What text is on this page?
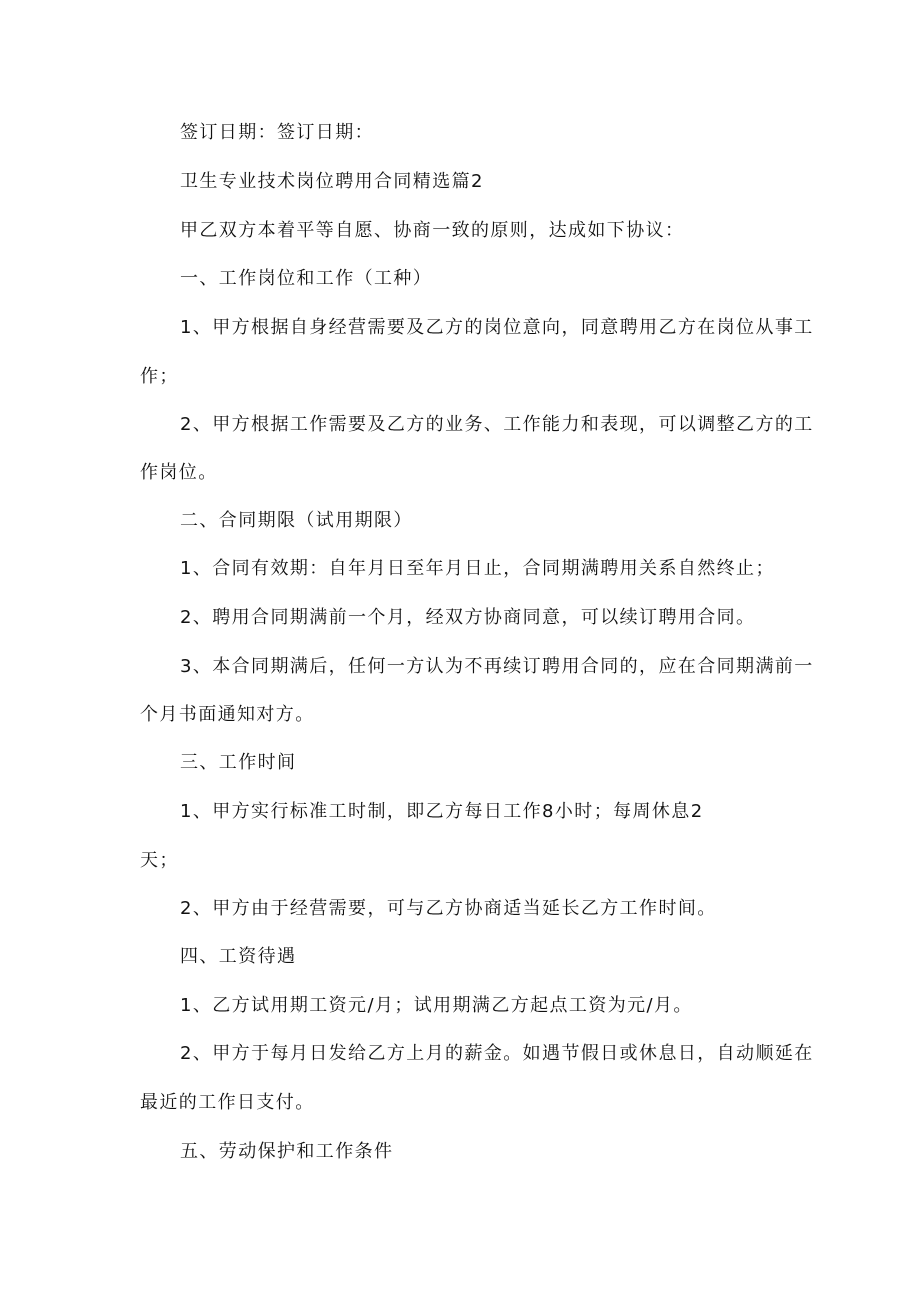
签订日期：签订日期：
卫生专业技术岗位聘用合同精选篇2
甲乙双方本着平等自愿、协商一致的原则，达成如下协议：
一、工作岗位和工作（工种）
1、甲方根据自身经营需要及乙方的岗位意向，同意聘用乙方在岗位从事工
作；
2、甲方根据工作需要及乙方的业务、工作能力和表现，可以调整乙方的工
作岗位。
二、合同期限（试用期限）
1、合同有效期：自年月日至年月日止，合同期满聘用关系自然终止；
2、聘用合同期满前一个月，经双方协商同意，可以续订聘用合同。
3、本合同期满后，任何一方认为不再续订聘用合同的，应在合同期满前一
个月书面通知对方。
三、工作时间
1、甲方实行标准工时制，即乙方每日工作8小时；每周休息2
天；
2、甲方由于经营需要，可与乙方协商适当延长乙方工作时间。
四、工资待遇
1、乙方试用期工资元/月；试用期满乙方起点工资为元/月。
2、甲方于每月日发给乙方上月的薪金。如遇节假日或休息日，自动顺延在
最近的工作日支付。
五、劳动保护和工作条件
